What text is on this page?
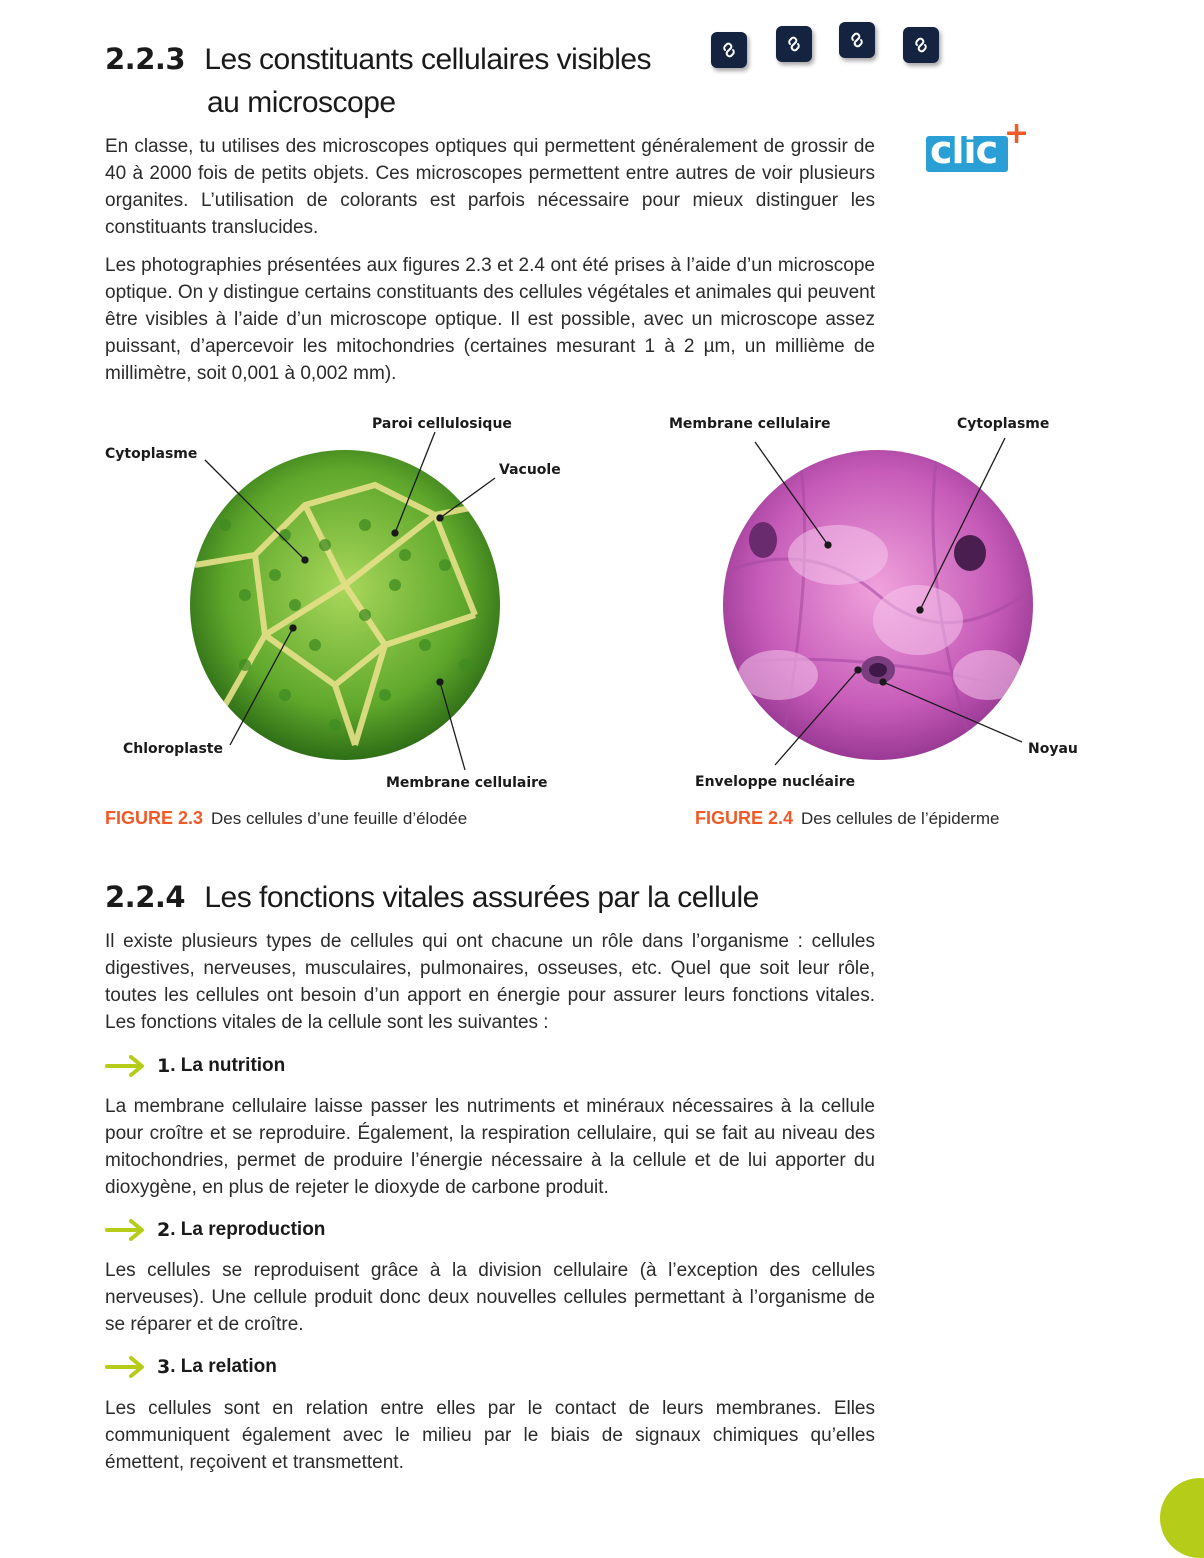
2.2.3 Les constituants cellulaires visibles
au microscope
clic +
En classe, tu utilises des microscopes optiques qui permettent généralement de grossir de 40 à 2000 fois de petits objets. Ces microscopes permettent entre autres de voir plusieurs organites. L’utilisation de colorants est parfois nécessaire pour mieux distinguer les constituants translucides.
Les photographies présentées aux figures 2.3 et 2.4 ont été prises à l’aide d’un microscope optique. On y distingue certains constituants des cellules végétales et animales qui peuvent être visibles à l’aide d’un microscope optique. Il est possible, avec un microscope assez puissant, d’apercevoir les mitochondries (certaines mesurant 1 à 2 µm, un millième de millimètre, soit 0,001 à 0,002 mm).
Paroi cellulosique
Cytoplasme
Vacuole
Chloroplaste
Membrane cellulaire
FIGURE 2.3 Des cellules d’une feuille d’élodée
Membrane cellulaire	Cytoplasme
Noyau
Enveloppe nucléaire
FIGURE 2.4 Des cellules de l’épiderme
2.2.4 Les fonctions vitales assurées par la cellule
Il existe plusieurs types de cellules qui ont chacune un rôle dans l’organisme : cellules digestives, nerveuses, musculaires, pulmonaires, osseuses, etc. Quel que soit leur rôle, toutes les cellules ont besoin d’un apport en énergie pour assurer leurs fonctions vitales. Les fonctions vitales de la cellule sont les suivantes :
1 . La nutrition
La membrane cellulaire laisse passer les nutriments et minéraux nécessaires à la cellule pour croître et se reproduire. Également, la respiration cellulaire, qui se fait au niveau des mitochondries, permet de produire l’énergie nécessaire à la cellule et de lui apporter du dioxygène, en plus de rejeter le dioxyde de carbone produit.
2 . La reproduction
Les cellules se reproduisent grâce à la division cellulaire (à l’exception des cellules nerveuses). Une cellule produit donc deux nouvelles cellules permettant à l’organisme de se réparer et de croître.
3 . La relation
Les cellules sont en relation entre elles par le contact de leurs membranes. Elles communiquent également avec le milieu par le biais de signaux chimiques qu’elles émettent, reçoivent et transmettent.
